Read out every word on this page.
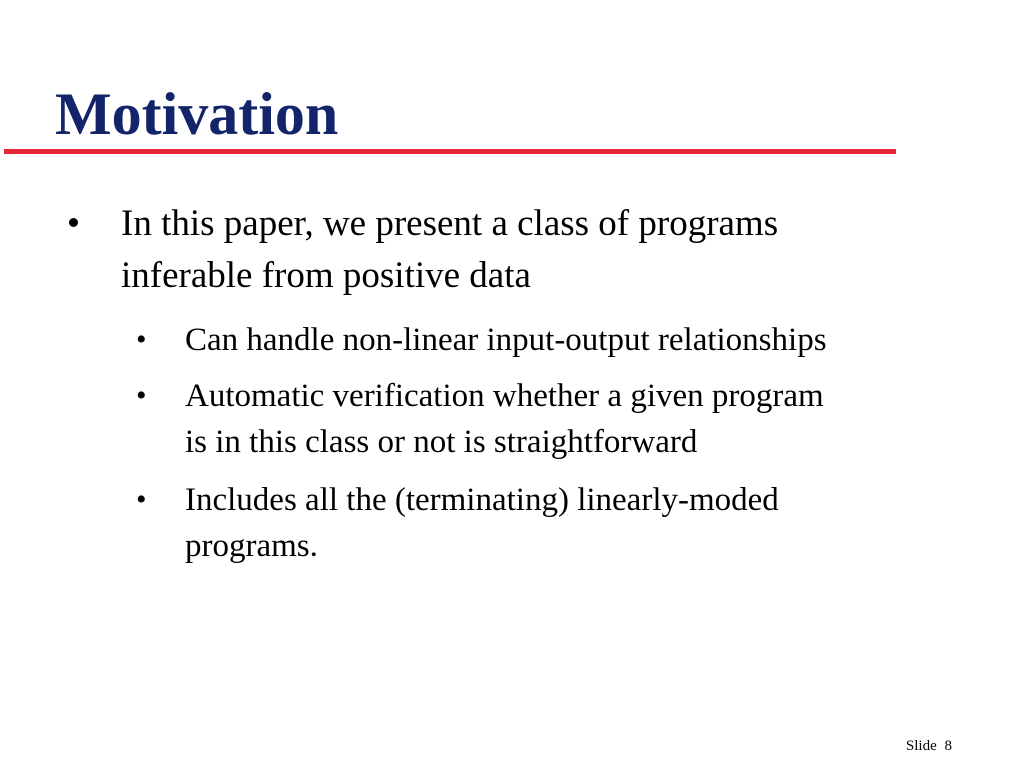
Motivation
In this paper, we present a class of programs
inferable from positive data
• Can handle non-linear input-output relationships
• Automatic verification whether a given program
is in this class or not is straightforward
• Includes all the (terminating) linearly-moded
programs.
Slide 8
